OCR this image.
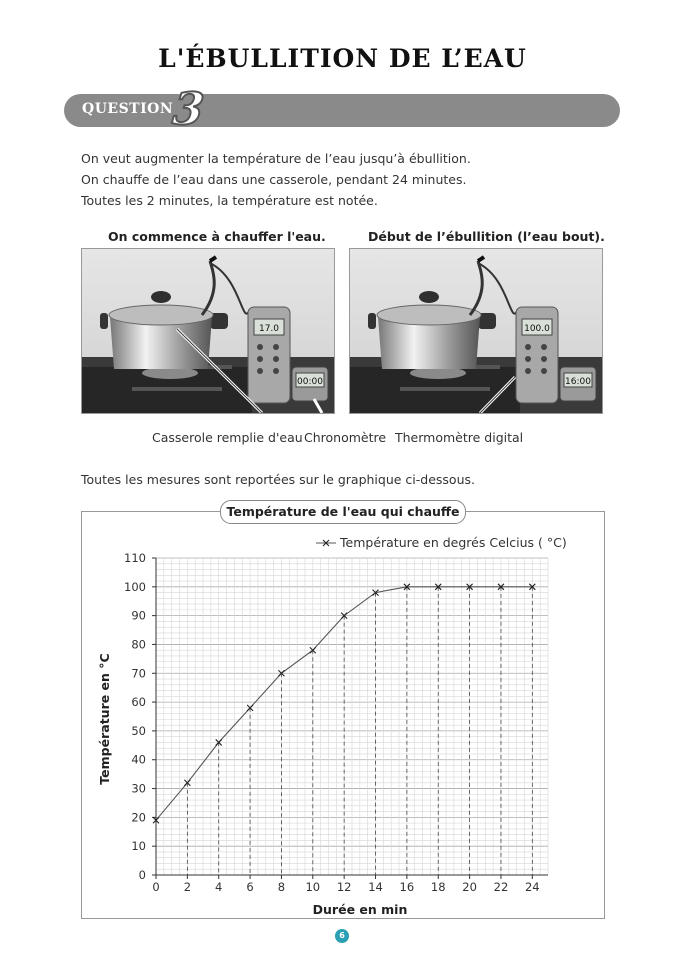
L'ÉBULLITION DE L’EAU
QUESTION
3
On veut augmenter la température de l’eau jusqu’à ébullition.
On chauffe de l’eau dans une casserole, pendant 24 minutes.
Toutes les 2 minutes, la température est notée.
On commence à chauffer l'eau.	Début de l’ébullition (l’eau bout).
17.0
00:00
100.0
16:00
Casserole remplie d'eau Chronomètre Thermomètre digital
Toutes les mesures sont reportées sur le graphique ci-dessous.
0
10
20
30
40
50
60
70
80
90
100
110
0 2 4 6 8 10 12 14 16 18 20 22 24
Température en degrés Celcius ( °C)
Température en °C
Durée en min
Température de l'eau qui chauffe
6
